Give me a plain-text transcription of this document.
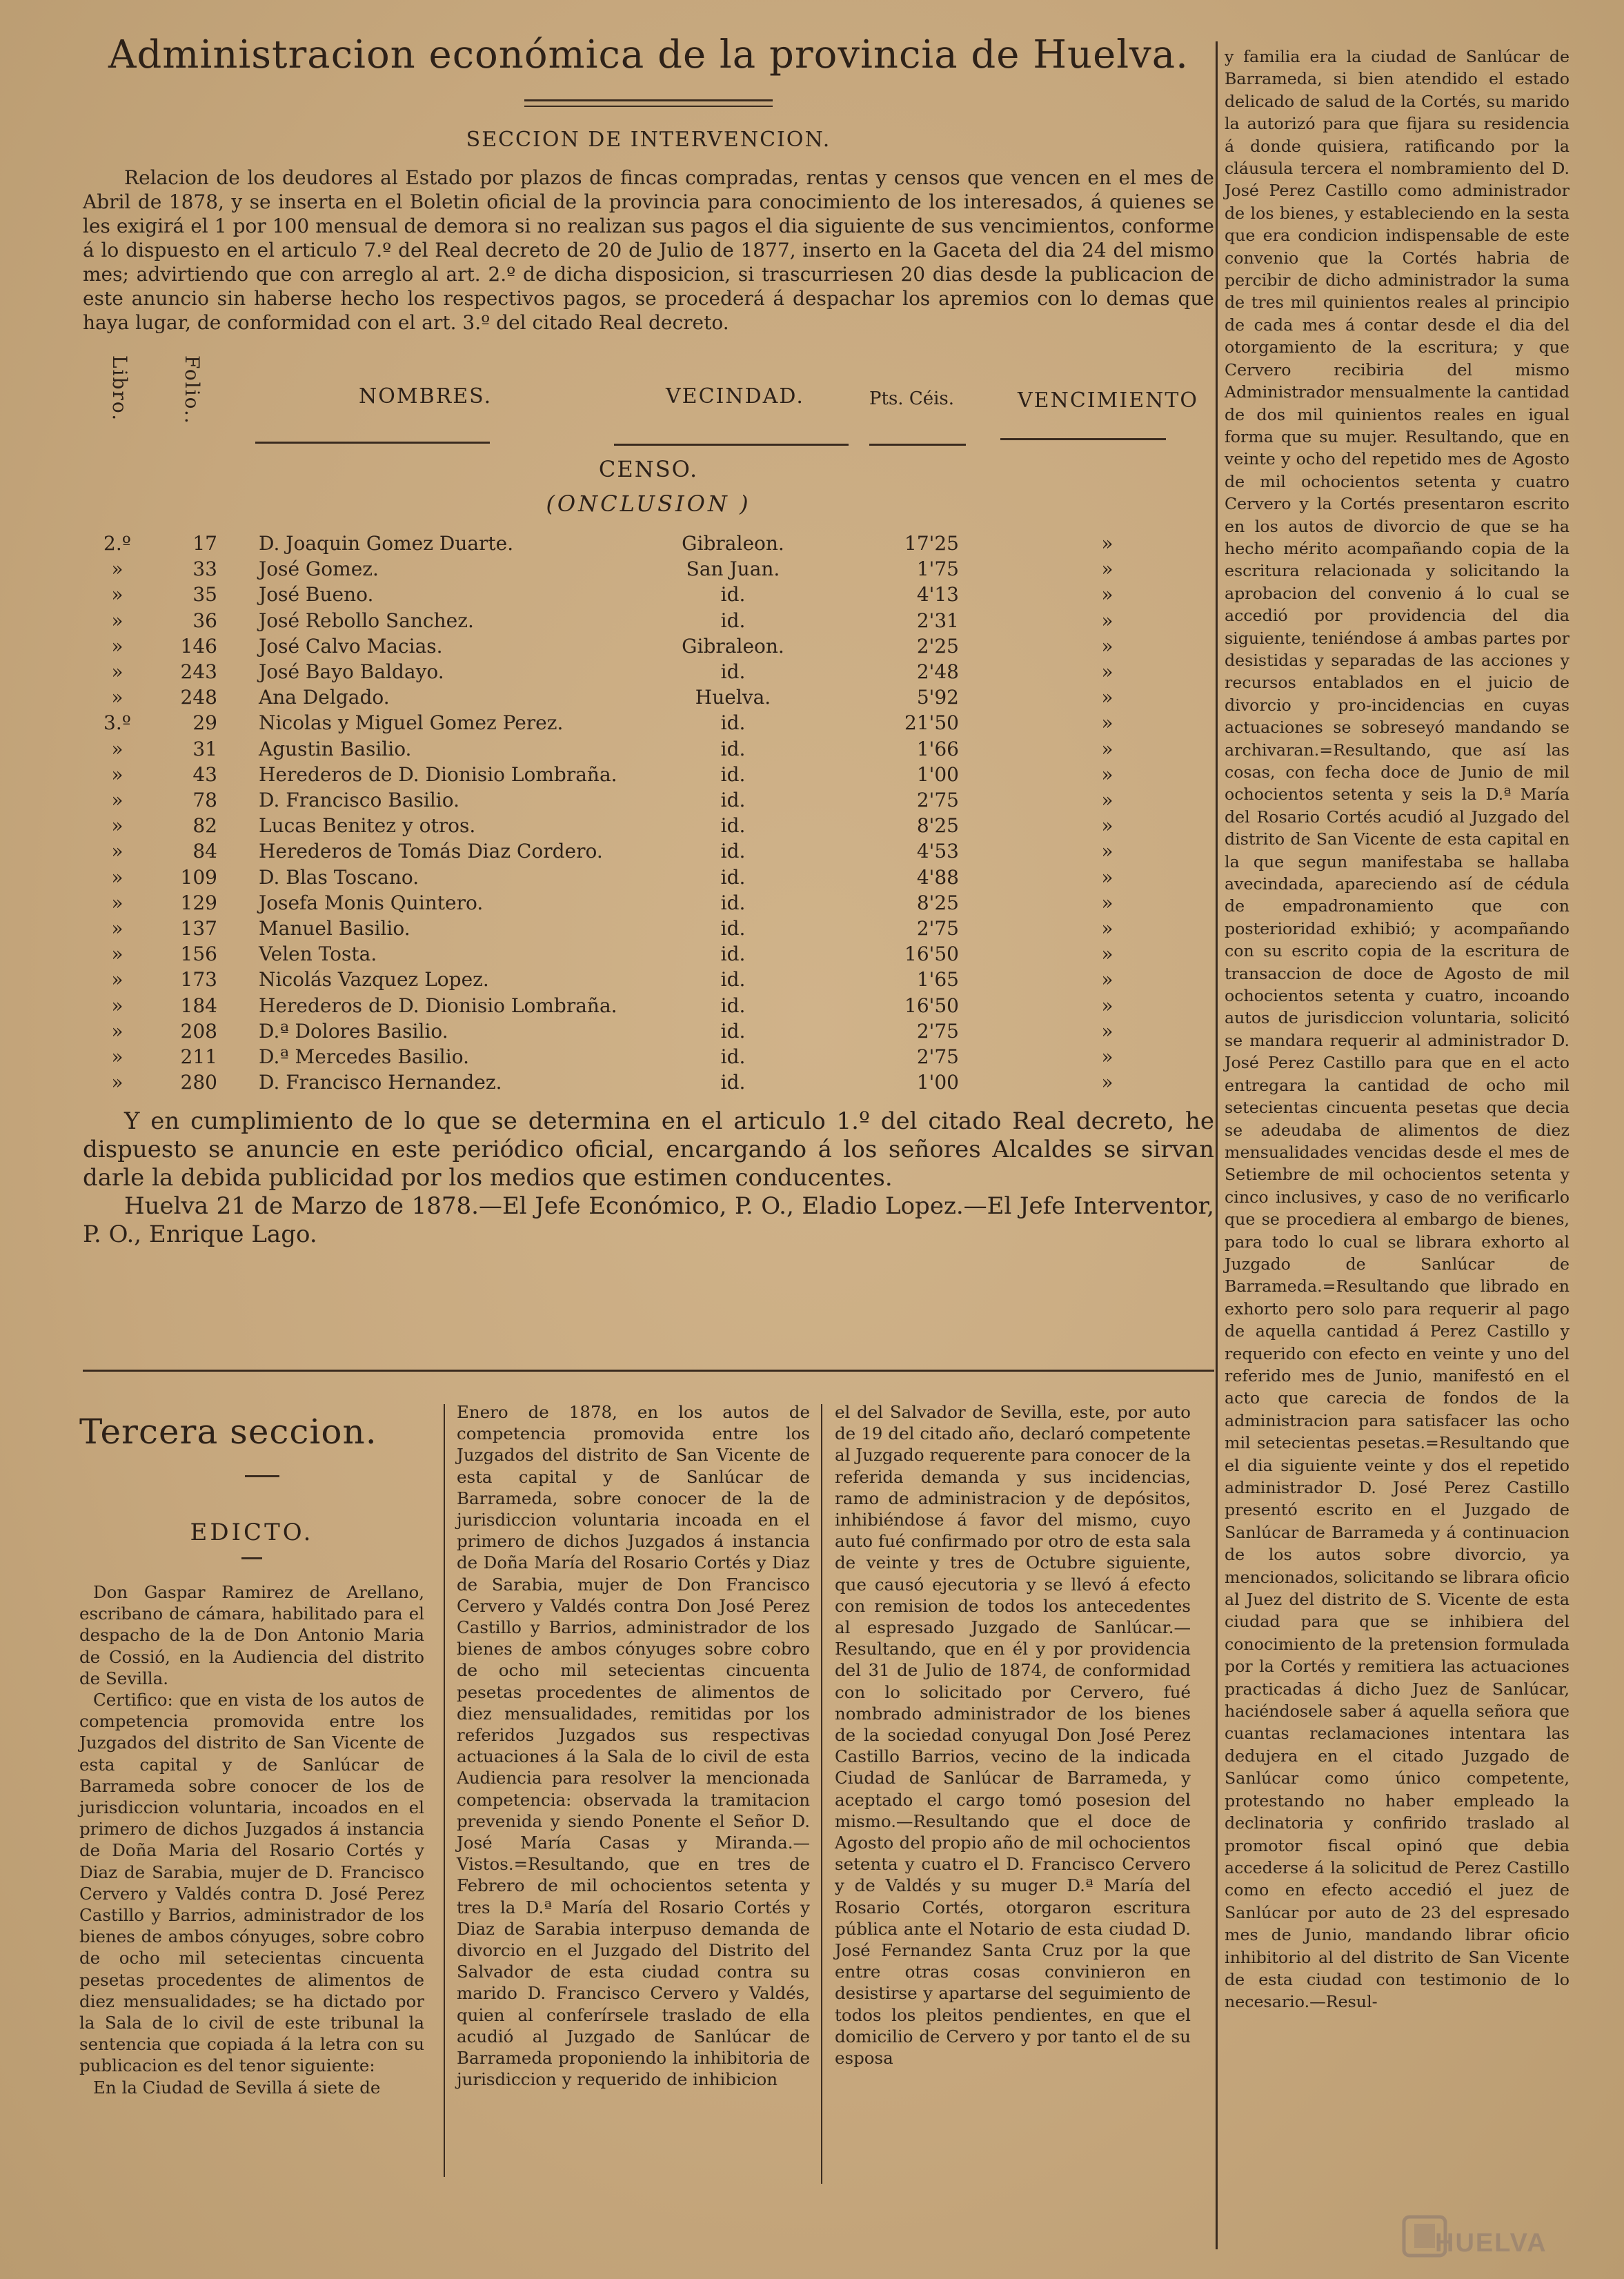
Administracion económica de la provincia de Huelva.
SECCION DE INTERVENCION.

Relacion de los deudores al Estado por plazos de fincas compradas, rentas y censos que vencen en el mes de Abril de 1878, y se inserta en el Boletin oficial de la provincia para conocimiento de los interesados, á quienes se les exigirá el 1 por 100 mensual de demora si no realizan sus pagos el dia siguiente de sus vencimientos, conforme á lo dispuesto en el articulo 7.º del Real decreto de 20 de Julio de 1877, inserto en la Gaceta del dia 24 del mismo mes; advirtiendo que con arreglo al art. 2.º de dicha disposicion, si trascurriesen 20 dias desde la publicacion de este anuncio sin haberse hecho los respectivos pagos, se procederá á despachar los apremios con lo demas que haya lugar, de conformidad con el art. 3.º del citado Real decreto.

Libro.	Folio..	NOMBRES.	VECINDAD.	Pts. Céis.	VENCIMIENTO
CENSO.
(ONCLUSION )
2.º	17	D. Joaquin Gomez Duarte.	Gibraleon.	17'25	»
»	33	José Gomez.	San Juan.	1'75	»
»	35	José Bueno.	id.	4'13	»
»	36	José Rebollo Sanchez.	id.	2'31	»
»	146	José Calvo Macias.	Gibraleon.	2'25	»
»	243	José Bayo Baldayo.	id.	2'48	»
»	248	Ana Delgado.	Huelva.	5'92	»
3.º	29	Nicolas y Miguel Gomez Perez.	id.	21'50	»
»	31	Agustin Basilio.	id.	1'66	»
»	43	Herederos de D. Dionisio Lombraña.	id.	1'00	»
»	78	D. Francisco Basilio.	id.	2'75	»
»	82	Lucas Benitez y otros.	id.	8'25	»
»	84	Herederos de Tomás Diaz Cordero.	id.	4'53	»
»	109	D. Blas Toscano.	id.	4'88	»
»	129	Josefa Monis Quintero.	id.	8'25	»
»	137	Manuel Basilio.	id.	2'75	»
»	156	Velen Tosta.	id.	16'50	»
»	173	Nicolás Vazquez Lopez.	id.	1'65	»
»	184	Herederos de D. Dionisio Lombraña.	id.	16'50	»
»	208	D.ª Dolores Basilio.	id.	2'75	»
»	211	D.ª Mercedes Basilio.	id.	2'75	»
»	280	D. Francisco Hernandez.	id.	1'00	»

Y en cumplimiento de lo que se determina en el articulo 1.º del citado Real decreto, he dispuesto se anuncie en este periódico oficial, encargando á los señores Alcaldes se sirvan darle la debida publicidad por los medios que estimen conducentes.

Huelva 21 de Marzo de 1878.—El Jefe Económico, P. O., Eladio Lopez.—El Jefe Interventor, P. O., Enrique Lago.

y familia era la ciudad de Sanlúcar de Barrameda, si bien atendido el estado delicado de salud de la Cortés, su marido la autorizó para que fijara su residencia á donde quisiera, ratificando por la cláusula tercera el nombramiento del D. José Perez Castillo como administrador de los bienes, y estableciendo en la sesta que era condicion indispensable de este convenio que la Cortés habria de percibir de dicho administrador la suma de tres mil quinientos reales al principio de cada mes á contar desde el dia del otorgamiento de la escritura; y que Cervero recibiria del mismo Administrador mensualmente la cantidad de dos mil quinientos reales en igual forma que su mujer. Resultando, que en veinte y ocho del repetido mes de Agosto de mil ochocientos setenta y cuatro Cervero y la Cortés presentaron escrito en los autos de divorcio de que se ha hecho mérito acompañando copia de la escritura relacionada y solicitando la aprobacion del convenio á lo cual se accedió por providencia del dia siguiente, teniéndose á ambas partes por desistidas y separadas de las acciones y recursos entablados en el juicio de divorcio y pro-incidencias en cuyas actuaciones se sobreseyó mandando se archivaran.=Resultando, que así las cosas, con fecha doce de Junio de mil ochocientos setenta y seis la D.ª María del Rosario Cortés acudió al Juzgado del distrito de San Vicente de esta capital en la que segun manifestaba se hallaba avecindada, apareciendo así de cédula de empadronamiento que con posterioridad exhibió; y acompañando con su escrito copia de la escritura de transaccion de doce de Agosto de mil ochocientos setenta y cuatro, incoando autos de jurisdiccion voluntaria, solicitó se mandara requerir al administrador D. José Perez Castillo para que en el acto entregara la cantidad de ocho mil setecientas cincuenta pesetas que decia se adeudaba de alimentos de diez mensualidades vencidas desde el mes de Setiembre de mil ochocientos setenta y cinco inclusives, y caso de no verificarlo que se procediera al embargo de bienes, para todo lo cual se librara exhorto al Juzgado de Sanlúcar de Barrameda.=Resultando que librado en exhorto pero solo para requerir al pago de aquella cantidad á Perez Castillo y requerido con efecto en veinte y uno del referido mes de Junio, manifestó en el acto que carecia de fondos de la administracion para satisfacer las ocho mil setecientas pesetas.=Resultando que el dia siguiente veinte y dos el repetido administrador D. José Perez Castillo presentó escrito en el Juzgado de Sanlúcar de Barrameda y á continuacion de los autos sobre divorcio, ya mencionados, solicitando se librara oficio al Juez del distrito de S. Vicente de esta ciudad para que se inhibiera del conocimiento de la pretension formulada por la Cortés y remitiera las actuaciones practicadas á dicho Juez de Sanlúcar, haciéndosele saber á aquella señora que cuantas reclamaciones intentara las dedujera en el citado Juzgado de Sanlúcar como único competente, protestando no haber empleado la declinatoria y confirido traslado al promotor fiscal opinó que debia accederse á la solicitud de Perez Castillo como en efecto accedió el juez de Sanlúcar por auto de 23 del espresado mes de Junio, mandando librar oficio inhibitorio al del distrito de San Vicente de esta ciudad con testimonio de lo necesario.—Resul-

Tercera seccion.
EDICTO.

Don Gaspar Ramirez de Arellano, escribano de cámara, habilitado para el despacho de la de Don Antonio Maria de Cossió, en la Audiencia del distrito de Sevilla.

Certifico: que en vista de los autos de competencia promovida entre los Juzgados del distrito de San Vicente de esta capital y de Sanlúcar de Barrameda sobre conocer de los de jurisdiccion voluntaria, incoados en el primero de dichos Juzgados á instancia de Doña Maria del Rosario Cortés y Diaz de Sarabia, mujer de D. Francisco Cervero y Valdés contra D. José Perez Castillo y Barrios, administrador de los bienes de ambos cónyuges, sobre cobro de ocho mil setecientas cincuenta pesetas procedentes de alimentos de diez mensualidades; se ha dictado por la Sala de lo civil de este tribunal la sentencia que copiada á la letra con su publicacion es del tenor siguiente:

En la Ciudad de Sevilla á siete de

Enero de 1878, en los autos de competencia promovida entre los Juzgados del distrito de San Vicente de esta capital y de Sanlúcar de Barrameda, sobre conocer de la de jurisdiccion voluntaria incoada en el primero de dichos Juzgados á instancia de Doña María del Rosario Cortés y Diaz de Sarabia, mujer de Don Francisco Cervero y Valdés contra Don José Perez Castillo y Barrios, administrador de los bienes de ambos cónyuges sobre cobro de ocho mil setecientas cincuenta pesetas procedentes de alimentos de diez mensualidades, remitidas por los referidos Juzgados sus respectivas actuaciones á la Sala de lo civil de esta Audiencia para resolver la mencionada competencia: observada la tramitacion prevenida y siendo Ponente el Señor D. José María Casas y Miranda.—Vistos.=Resultando, que en tres de Febrero de mil ochocientos setenta y tres la D.ª María del Rosario Cortés y Diaz de Sarabia interpuso demanda de divorcio en el Juzgado del Distrito del Salvador de esta ciudad contra su marido D. Francisco Cervero y Valdés, quien al conferírsele traslado de ella acudió al Juzgado de Sanlúcar de Barrameda proponiendo la inhibitoria de jurisdiccion y requerido de inhibicion

el del Salvador de Sevilla, este, por auto de 19 del citado año, declaró competente al Juzgado requerente para conocer de la referida demanda y sus incidencias, ramo de administracion y de depósitos, inhibiéndose á favor del mismo, cuyo auto fué confirmado por otro de esta sala de veinte y tres de Octubre siguiente, que causó ejecutoria y se llevó á efecto con remision de todos los antecedentes al espresado Juzgado de Sanlúcar.—Resultando, que en él y por providencia del 31 de Julio de 1874, de conformidad con lo solicitado por Cervero, fué nombrado administrador de los bienes de la sociedad conyugal Don José Perez Castillo Barrios, vecino de la indicada Ciudad de Sanlúcar de Barrameda, y aceptado el cargo tomó posesion del mismo.—Resultando que el doce de Agosto del propio año de mil ochocientos setenta y cuatro el D. Francisco Cervero y de Valdés y su muger D.ª María del Rosario Cortés, otorgaron escritura pública ante el Notario de esta ciudad D. José Fernandez Santa Cruz por la que entre otras cosas convinieron en desistirse y apartarse del seguimiento de todos los pleitos pendientes, en que el domicilio de Cervero y por tanto el de su esposa

HUELVA
